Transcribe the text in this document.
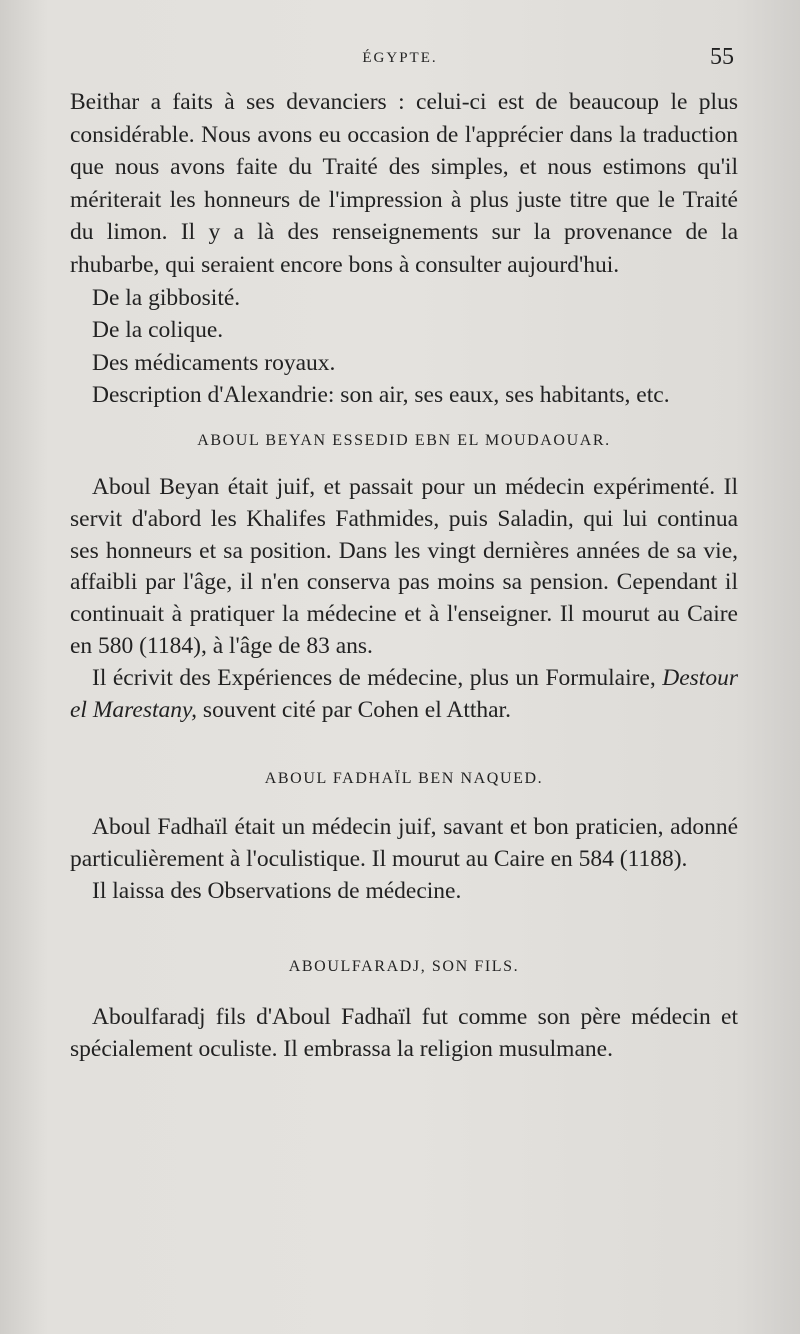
ÉGYPTE.	55

Beithar a faits à ses devanciers : celui-ci est de beaucoup le plus considérable. Nous avons eu occasion de l'apprécier dans la traduction que nous avons faite du Traité des simples, et nous estimons qu'il mériterait les honneurs de l'impression à plus juste titre que le Traité du limon. Il y a là des renseignements sur la provenance de la rhubarbe, qui seraient encore bons à consulter aujourd'hui.

De la gibbosité.

De la colique.

Des médicaments royaux.

Description d'Alexandrie: son air, ses eaux, ses habitants, etc.

ABOUL BEYAN ESSEDID EBN EL MOUDAOUAR.

Aboul Beyan était juif, et passait pour un médecin expérimenté. Il servit d'abord les Khalifes Fathmides, puis Saladin, qui lui continua ses honneurs et sa position. Dans les vingt dernières années de sa vie, affaibli par l'âge, il n'en conserva pas moins sa pension. Cependant il continuait à pratiquer la médecine et à l'enseigner. Il mourut au Caire en 580 (1184), à l'âge de 83 ans.

Il écrivit des Expériences de médecine, plus un Formulaire, Destour el Marestany, souvent cité par Cohen el Atthar.

ABOUL FADHAÏL BEN NAQUED.

Aboul Fadhaïl était un médecin juif, savant et bon praticien, adonné particulièrement à l'oculistique. Il mourut au Caire en 584 (1188).

Il laissa des Observations de médecine.

ABOULFARADJ, SON FILS.

Aboulfaradj fils d'Aboul Fadhaïl fut comme son père médecin et spécialement oculiste. Il embrassa la religion musulmane.
